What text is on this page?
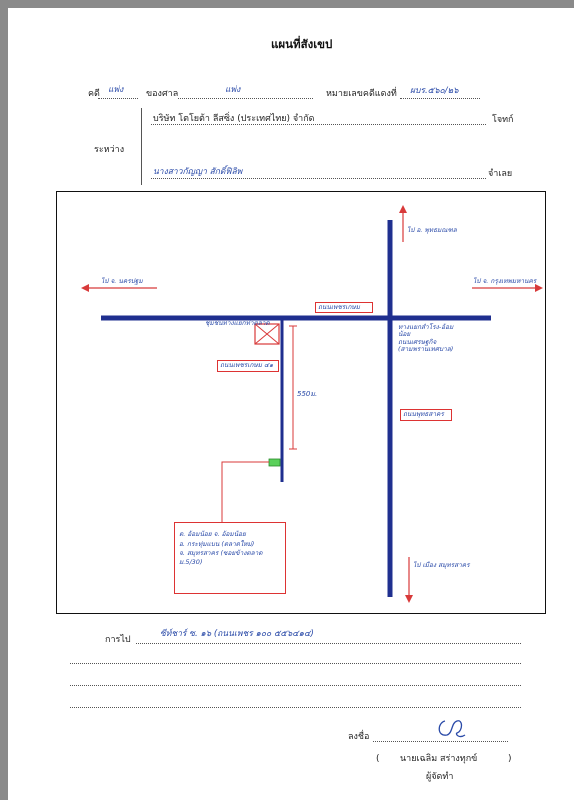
แผนที่สังเขป
คดี แพ่ง	ของศาล	แพ่ง	หมายเลขคดีแดงที่ ผบร.๕๖๐/๒๖
ระหว่าง
บริษัท โตโยต้า ลีสซิ่ง (ประเทศไทย) จำกัด	โจทก์
นางสาวกัญญา สักดิ์ฟิลิพ	จำเลย
ไป อ. พุทธมณฑล
ไป จ. นครปฐม	ไป จ. กรุงเทพมหานคร
ไป เมือง สมุทรสาคร
ถนนเพชรเกษม
ชุมชนทางแยกท่าตลาด
ถนนเพชรเกษม ๔๑
ถนนพุทธสาคร
ทางแยกสำโรง-อ้อมน้อย
ถนนเศรษฐกิจ (สามพรานเทศบาล)
550ม.
ต. อ้อมน้อย จ. อ้อมน้อย
อ. กระทุ่มแบน (ตลาดใหม่)
จ. สมุทรสาคร (ซอยข้างตลาด
ม.5/30)
การไป
ซีท์ชาร์ ซ. ๑๖ (ถนนเพชร ๑๐๐ ๕๕๖๔๑๔)
ลงชื่อ
( นายเฉลิม สร่างทุกข์	)
ผู้จัดทำ
